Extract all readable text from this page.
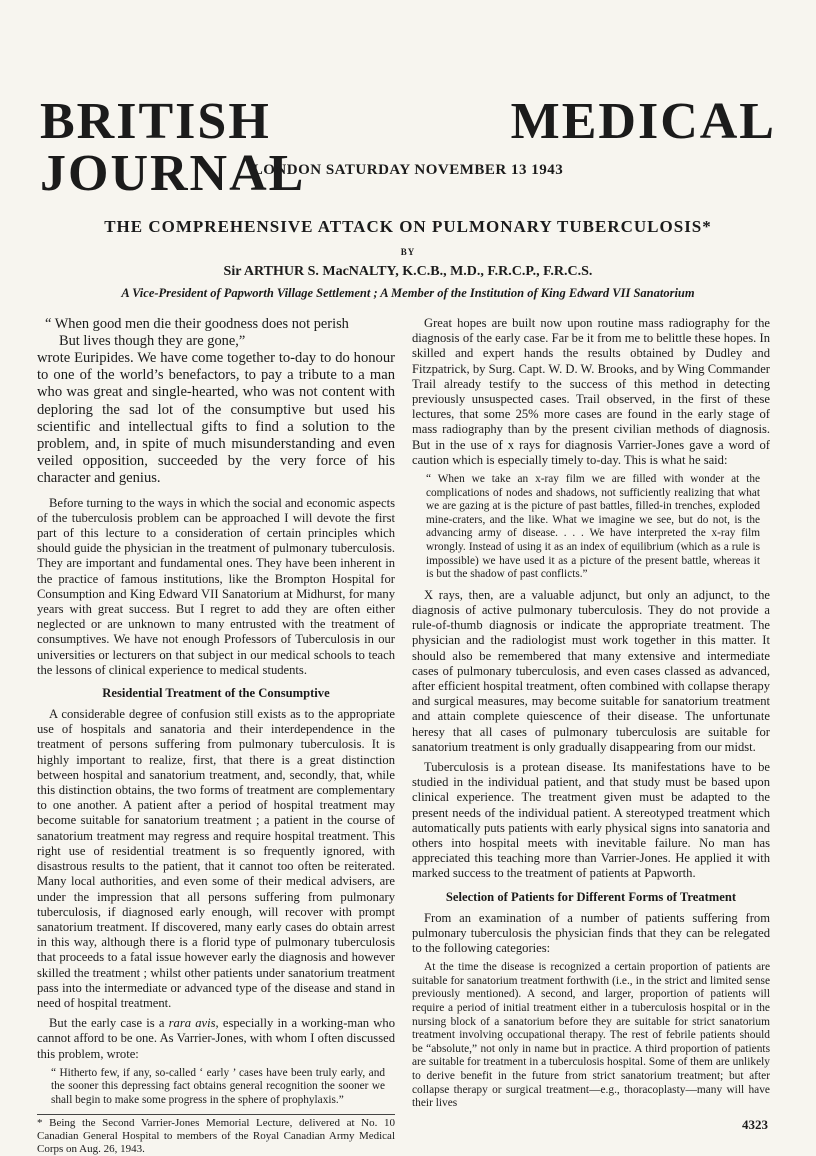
BRITISH MEDICAL JOURNAL
LONDON SATURDAY NOVEMBER 13 1943
THE COMPREHENSIVE ATTACK ON PULMONARY TUBERCULOSIS*
BY
Sir ARTHUR S. MacNALTY, K.C.B., M.D., F.R.C.P., F.R.C.S.
A Vice-President of Papworth Village Settlement ; A Member of the Institution of King Edward VII Sanatorium
“ When good men die their goodness does not perish
But lives though they are gone,”

wrote Euripides. We have come together to-day to do honour to one of the world’s benefactors, to pay a tribute to a man who was great and single-hearted, who was not content with deploring the sad lot of the consumptive but used his scientific and intellectual gifts to find a solution to the problem, and, in spite of much misunderstanding and even veiled opposition, succeeded by the very force of his character and genius.

Before turning to the ways in which the social and economic aspects of the tuberculosis problem can be approached I will devote the first part of this lecture to a consideration of certain principles which should guide the physician in the treatment of pulmonary tuberculosis. They are important and fundamental ones. They have been inherent in the practice of famous institutions, like the Brompton Hospital for Consumption and King Edward VII Sanatorium at Midhurst, for many years with great success. But I regret to add they are often either neglected or are unknown to many entrusted with the treatment of consumptives. We have not enough Professors of Tuberculosis in our universities or lecturers on that subject in our medical schools to teach the lessons of clinical experience to medical students.

Residential Treatment of the Consumptive

A considerable degree of confusion still exists as to the appropriate use of hospitals and sanatoria and their interdependence in the treatment of persons suffering from pulmonary tuberculosis. It is highly important to realize, first, that there is a great distinction between hospital and sanatorium treatment, and, secondly, that, while this distinction obtains, the two forms of treatment are complementary to one another. A patient after a period of hospital treatment may become suitable for sanatorium treatment ; a patient in the course of sanatorium treatment may regress and require hospital treatment. This right use of residential treatment is so frequently ignored, with disastrous results to the patient, that it cannot too often be reiterated. Many local authorities, and even some of their medical advisers, are under the impression that all persons suffering from pulmonary tuberculosis, if diagnosed early enough, will recover with prompt sanatorium treatment. If discovered, many early cases do obtain arrest in this way, although there is a florid type of pulmonary tuberculosis that proceeds to a fatal issue however early the diagnosis and however skilled the treatment ; whilst other patients under sanatorium treatment pass into the intermediate or advanced type of the disease and stand in need of hospital treatment.

But the early case is a rara avis, especially in a working-man who cannot afford to be one. As Varrier-Jones, with whom I often discussed this problem, wrote:

“ Hitherto few, if any, so-called ‘ early ’ cases have been truly early, and the sooner this depressing fact obtains general recognition the sooner we shall begin to make some progress in the sphere of prophylaxis.”
* Being the Second Varrier-Jones Memorial Lecture, delivered at No. 10 Canadian General Hospital to members of the Royal Canadian Army Medical Corps on Aug. 26, 1943.

Great hopes are built now upon routine mass radiography for the diagnosis of the early case. Far be it from me to belittle these hopes. In skilled and expert hands the results obtained by Dudley and Fitzpatrick, by Surg. Capt. W. D. W. Brooks, and by Wing Commander Trail already testify to the success of this method in detecting previously unsuspected cases. Trail observed, in the first of these lectures, that some 25% more cases are found in the early stage of mass radiography than by the present civilian methods of diagnosis. But in the use of x rays for diagnosis Varrier-Jones gave a word of caution which is especially timely to-day. This is what he said:

“ When we take an x-ray film we are filled with wonder at the complications of nodes and shadows, not sufficiently realizing that what we are gazing at is the picture of past battles, filled-in trenches, exploded mine-craters, and the like. What we imagine we see, but do not, is the advancing army of disease. . . . We have interpreted the x-ray film wrongly. Instead of using it as an index of equilibrium (which as a rule is impossible) we have used it as a picture of the present battle, whereas it is but the shadow of past conflicts.”

X rays, then, are a valuable adjunct, but only an adjunct, to the diagnosis of active pulmonary tuberculosis. They do not provide a rule-of-thumb diagnosis or indicate the appropriate treatment. The physician and the radiologist must work together in this matter. It should also be remembered that many extensive and intermediate cases of pulmonary tuberculosis, and even cases classed as advanced, after efficient hospital treatment, often combined with collapse therapy and surgical measures, may become suitable for sanatorium treatment and attain complete quiescence of their disease. The unfortunate heresy that all cases of pulmonary tuberculosis are suitable for sanatorium treatment is only gradually disappearing from our midst.

Tuberculosis is a protean disease. Its manifestations have to be studied in the individual patient, and that study must be based upon clinical experience. The treatment given must be adapted to the present needs of the individual patient. A stereotyped treatment which automatically puts patients with early physical signs into sanatoria and others into hospital meets with inevitable failure. No man has appreciated this teaching more than Varrier-Jones. He applied it with marked success to the treatment of patients at Papworth.

Selection of Patients for Different Forms of Treatment

From an examination of a number of patients suffering from pulmonary tuberculosis the physician finds that they can be relegated to the following categories:

At the time the disease is recognized a certain proportion of patients are suitable for sanatorium treatment forthwith (i.e., in the strict and limited sense previously mentioned). A second, and larger, proportion of patients will require a period of initial treatment either in a tuberculosis hospital or in the nursing block of a sanatorium before they are suitable for strict sanatorium treatment involving occupational therapy. The rest of febrile patients should be “absolute,” not only in name but in practice. A third proportion of patients are suitable for treatment in a tuberculosis hospital. Some of them are unlikely to derive benefit in the future from strict sanatorium treatment; but after collapse therapy or surgical treatment—e.g., thoracoplasty—many will have their lives

4323
